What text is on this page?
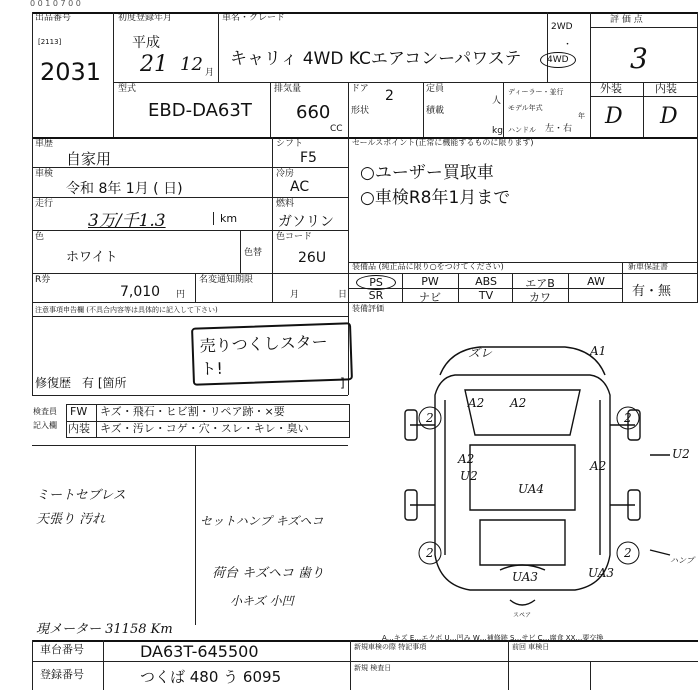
0 0 1 0 7 0 0
出品番号
[2113]
2031
初度登録年月
平成
21 12 月
車名・グレード
キャリィ 4WD KCエアコンーパワステ
2WD
・
4WD
評 価 点
3
型式
EBD-DA63T
排気量
660
CC
ドア 2
形状
定員
人
積載
kg
ディーラー・並行
モデル年式
年
ハンドル 左・右
外装	内装
D D
車歴
自家用
シフト
F5
車検
令和 8年 1月 ( 日)
冷房
AC
走行
3万/千1.3	km
燃料
ガソリン
色
ホワイト	色替
色コード
26U
R券
7,010 円
名変通知期限
月	日
注意事項申告欄 (不具合内容等は具体的に記入して下さい)
売りつくしスタート!
修復歴 有 [箇所	]
セールスポイント(正常に機能するものに限ります)
○ユーザー買取車
○車検R8年1月まで
装備品 (純正品に限り○をつけてください)	新車保証書
PS	PW	ABS	エアB	AW
SR	ナビ	TV	カワ	有・無
装備評価
検査員
記入欄
FW キズ・飛石・ヒビ割・リペア跡・×要
内装 キズ・汚レ・コゲ・穴・スレ・キレ・臭い
ミートセブレス
天張り 汚れ	セットハンプ キズヘコ
荷台 キズヘコ 歯り
小キズ 小凹
現メーター 31158 Km
ズレ	A1
A2
2
A2
2
A2
U2
UA4
A2
U2
2	2
UA3	UA3
ハンプ
スペア
A…キズ E…エクボ U…凹み W…補修跡 S…サビ C…腐食 XX…要交換
車台番号	DA63T-645500
登録番号	つくば 480 う 6095
新規車検の際 特記事項	前回 車検日
新規 検査日
